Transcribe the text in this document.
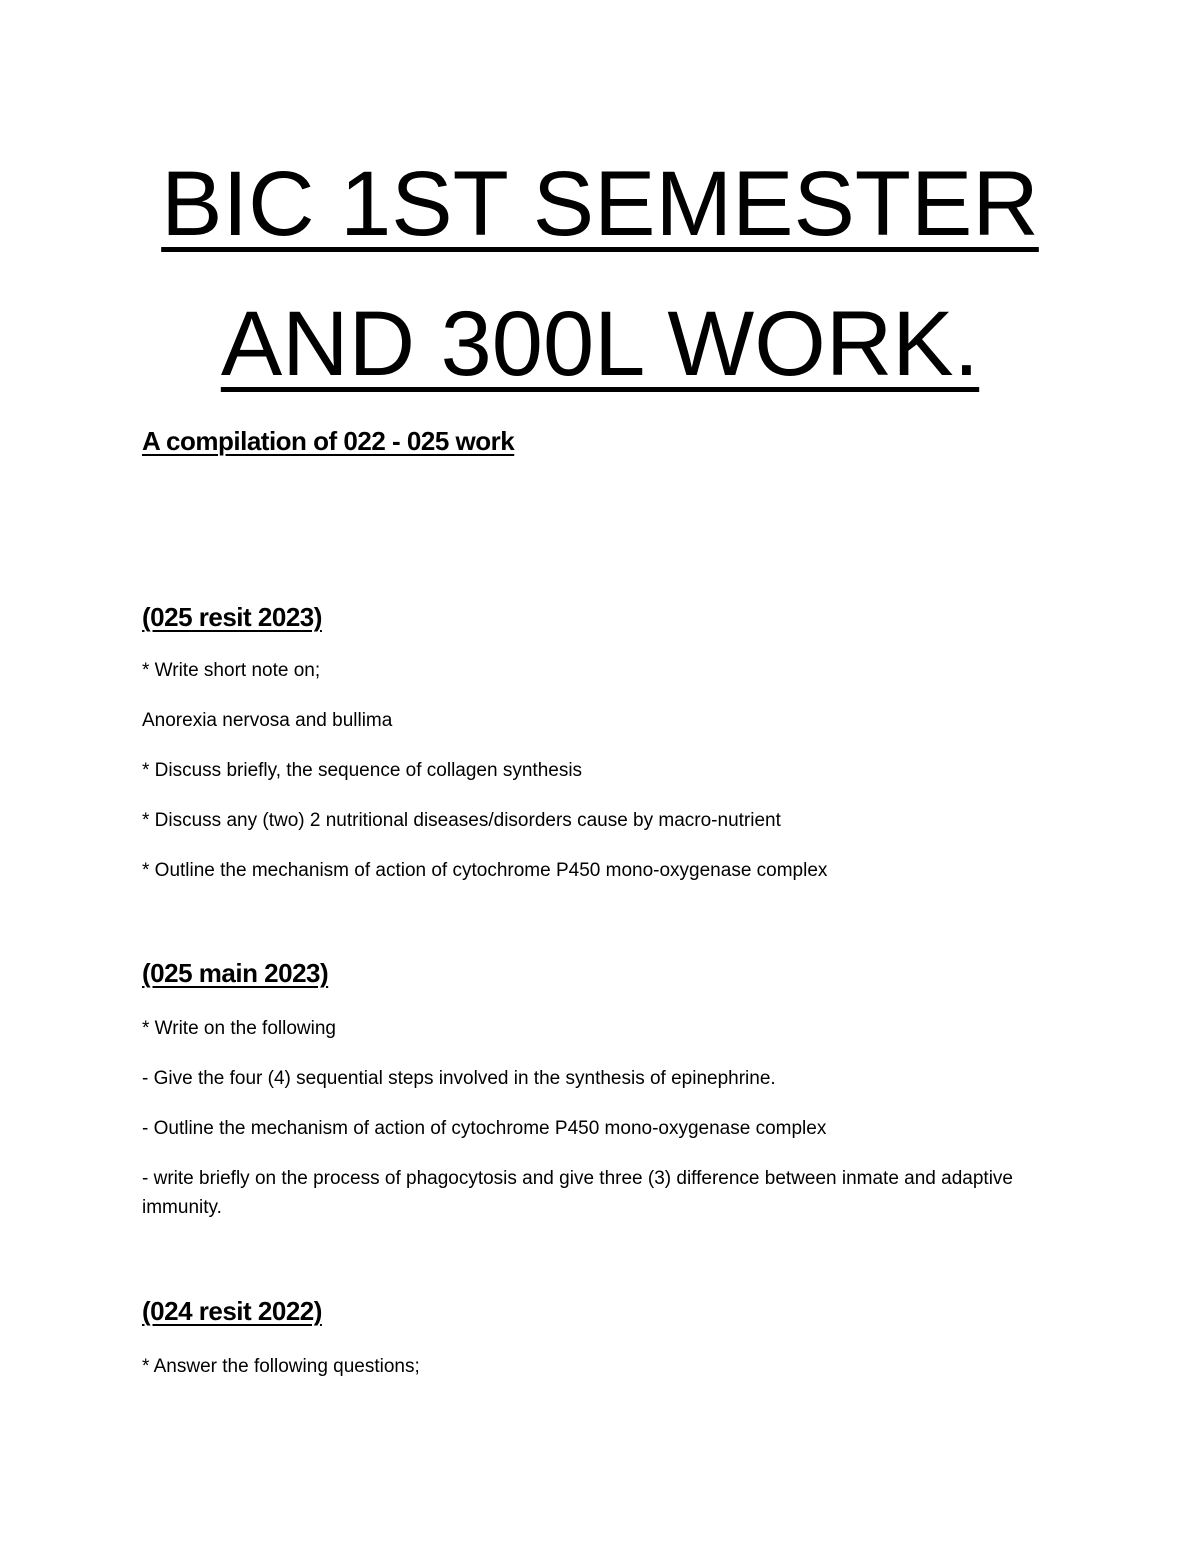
BIC 1ST SEMESTER
AND 300L WORK.

A compilation of 022 - 025 work

(025 resit 2023)

* Write short note on;

Anorexia nervosa and bullima

* Discuss briefly, the sequence of collagen synthesis

* Discuss any (two) 2 nutritional diseases/disorders cause by macro-nutrient

* Outline the mechanism of action of cytochrome P450 mono-oxygenase complex

(025 main 2023)

* Write on the following

- Give the four (4) sequential steps involved in the synthesis of epinephrine.

- Outline the mechanism of action of cytochrome P450 mono-oxygenase complex

- write briefly on the process of phagocytosis and give three (3) difference between inmate and adaptive immunity.

(024 resit 2022)

* Answer the following questions;
